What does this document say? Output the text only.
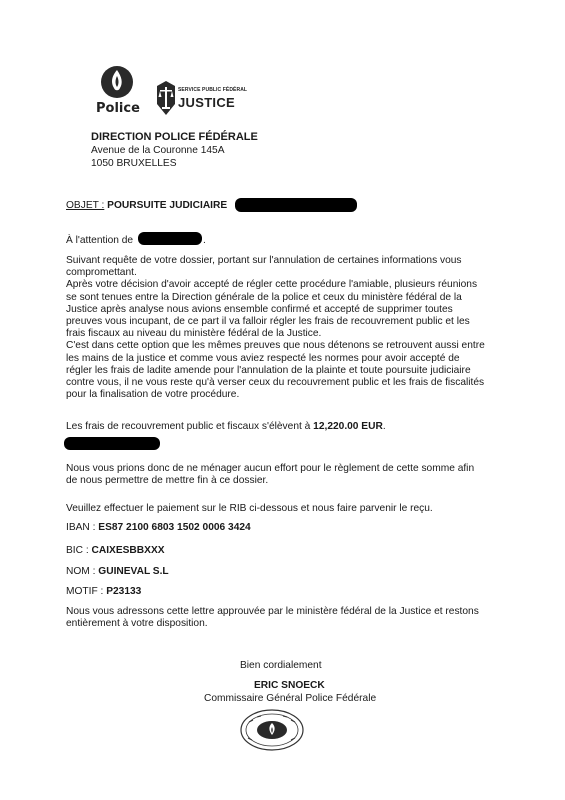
Police
SERVICE PUBLIC FÉDÉRAL
JUSTICE
DIRECTION POLICE FÉDÉRALE
Avenue de la Couronne 145A
1050 BRUXELLES
OBJET : POURSUITE JUDICIAIRE
À l'attention de	.
Suivant requête de votre dossier, portant sur l'annulation de certaines informations vous
compromettant.
Après votre décision d'avoir accepté de régler cette procédure l'amiable, plusieurs réunions
se sont tenues entre la Direction générale de la police et ceux du ministère fédéral de la
Justice après analyse nous avions ensemble confirmé et accepté de supprimer toutes
preuves vous incupant, de ce part il va falloir régler les frais de recouvrement public et les
frais fiscaux au niveau du ministère fédéral de la Justice.
C'est dans cette option que les mêmes preuves que nous détenons se retrouvent aussi entre
les mains de la justice et comme vous aviez respecté les normes pour avoir accepté de
régler les frais de ladite amende pour l'annulation de la plainte et toute poursuite judiciaire
contre vous, il ne vous reste qu'à verser ceux du recouvrement public et les frais de fiscalités
pour la finalisation de votre procédure.
Les frais de recouvrement public et fiscaux s'élèvent à 12,220.00 EUR.
Nous vous prions donc de ne ménager aucun effort pour le règlement de cette somme afin
de nous permettre de mettre fin à ce dossier.
Veuillez effectuer le paiement sur le RIB ci-dessous et nous faire parvenir le reçu.
IBAN : ES87 2100 6803 1502 0006 3424
BIC : CAIXESBBXXX
NOM : GUINEVAL S.L
MOTIF : P23133
Nous vous adressons cette lettre approuvée par le ministère fédéral de la Justice et restons
entièrement à votre disposition.
Bien cordialement
ERIC SNOECK
Commissaire Général Police Fédérale
